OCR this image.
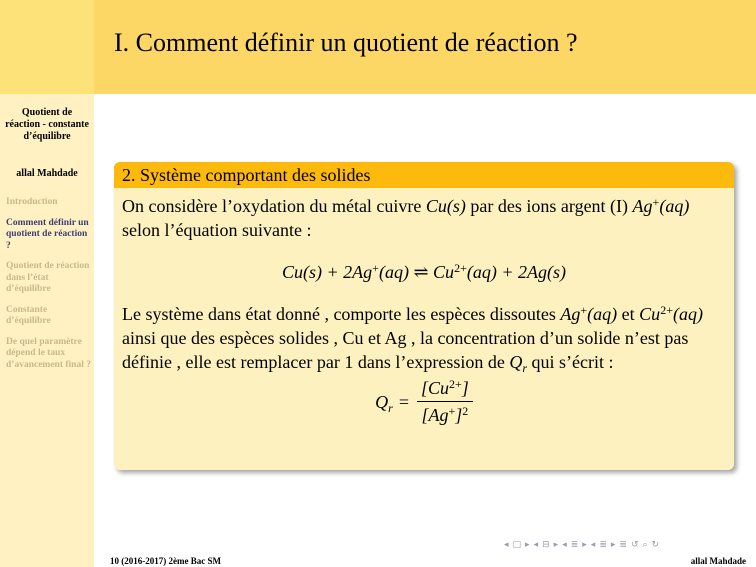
Quotient de réaction - constante d’équilibre
allal Mahdade
Introduction
Comment définir un quotient de réaction ?
Quotient de réaction dans l’état d’équilibre
Constante d’équilibre
De quel paramètre dépend le taux d’avancement final ?
I. Comment définir un quotient de réaction ?
2. Système comportant des solides

On considère l’oxydation du métal cuivre Cu(s) par des ions argent (I) Ag+(aq) selon l’équation suivante :

Cu(s) + 2Ag+(aq) ⇌ $Cu^{2+}(aq) + 2Ag(s)$

Le système dans état donné , comporte les espèces dissoutes Ag+(aq) et $Cu^{2+}(aq)$ ainsi que des espèces solides , Cu et Ag , la concentration d’un solide n’est pas définie , elle est remplacer par 1 dans l’expression de $Q_r$ qui s’écrit :

$Q_r = \frac{[Cu^{2+}]}{[Ag^+]^2}$
◂ □ ▸ ◂ ⊟ ▸ ◂ ≣ ▸ ◂ ≣ ▸ ≣ ↺ ⌕ ↻
10 (2016-2017) 2ème Bac SM	allal Mahdade
